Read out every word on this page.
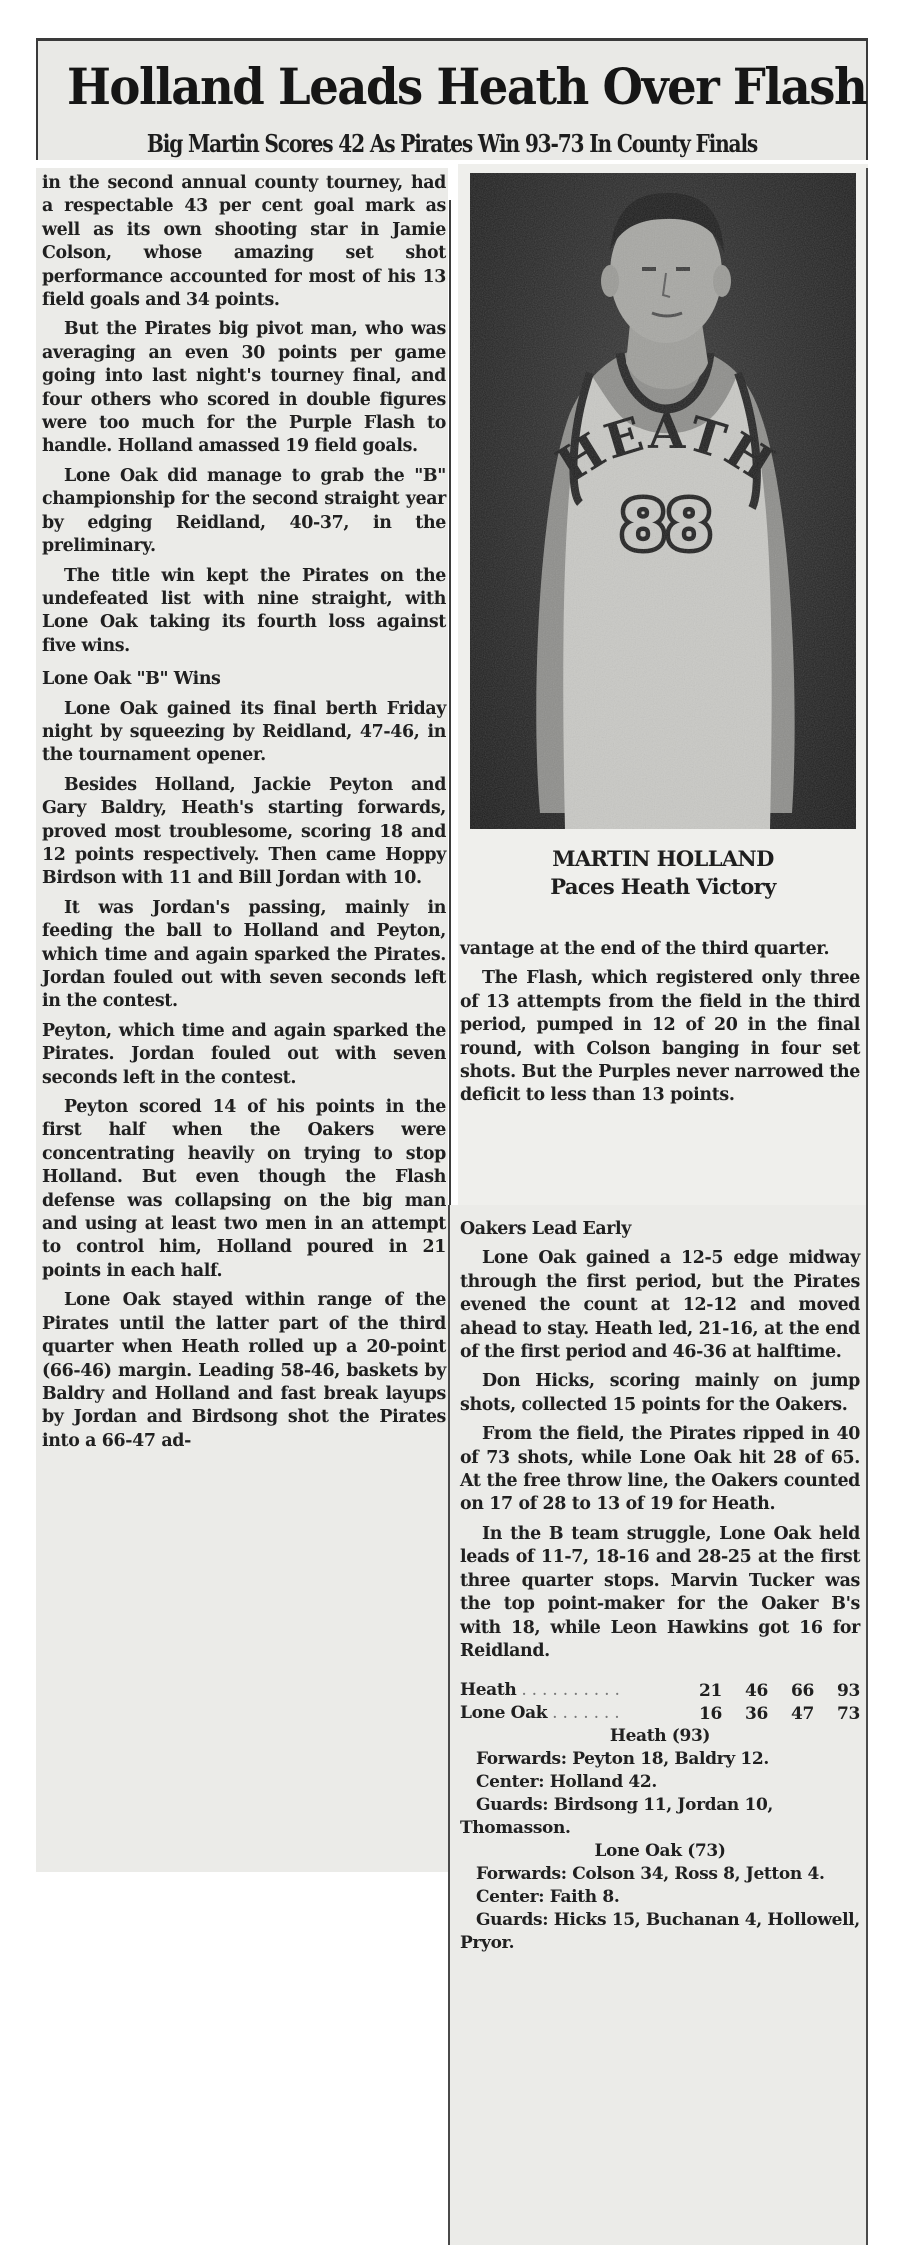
Holland Leads Heath Over Flash
Big Martin Scores 42 As Pirates Win 93-73 In County Finals

in the second annual county tourney, had a respectable 43 per cent goal mark as well as its own shooting star in Jamie Colson, whose amazing set shot performance accounted for most of his 13 field goals and 34 points.

But the Pirates big pivot man, who was averaging an even 30 points per game going into last night's tourney final, and four others who scored in double figures were too much for the Purple Flash to handle. Holland amassed 19 field goals.

Lone Oak did manage to grab the "B" championship for the second straight year by edging Reidland, 40-37, in the preliminary.

The title win kept the Pirates on the undefeated list with nine straight, with Lone Oak taking its fourth loss against five wins.

Lone Oak "B" Wins

Lone Oak gained its final berth Friday night by squeezing by Reidland, 47-46, in the tournament opener.

Besides Holland, Jackie Peyton and Gary Baldry, Heath's starting forwards, proved most troublesome, scoring 18 and 12 points respectively. Then came Hoppy Birdson with 11 and Bill Jordan with 10.

It was Jordan's passing, mainly in feeding the ball to Holland and Peyton, which time and again sparked the Pirates. Jordan fouled out with seven seconds left in the contest.

Peyton, which time and again sparked the Pirates. Jordan fouled out with seven seconds left in the contest.

Peyton scored 14 of his points in the first half when the Oakers were concentrating heavily on trying to stop Holland. But even though the Flash defense was collapsing on the big man and using at least two men in an attempt to control him, Holland poured in 21 points in each half.

Lone Oak stayed within range of the Pirates until the latter part of the third quarter when Heath rolled up a 20-point (66-46) margin. Leading 58-46, baskets by Baldry and Holland and fast break layups by Jordan and Birdsong shot the Pirates into a 66-47 ad-

MARTIN HOLLAND
Paces Heath Victory

vantage at the end of the third quarter.

The Flash, which registered only three of 13 attempts from the field in the third period, pumped in 12 of 20 in the final round, with Colson banging in four set shots. But the Purples never narrowed the deficit to less than 13 points.

Oakers Lead Early

Lone Oak gained a 12-5 edge midway through the first period, but the Pirates evened the count at 12-12 and moved ahead to stay. Heath led, 21-16, at the end of the first period and 46-36 at halftime.

Don Hicks, scoring mainly on jump shots, collected 15 points for the Oakers.

From the field, the Pirates ripped in 40 of 73 shots, while Lone Oak hit 28 of 65. At the free throw line, the Oakers counted on 17 of 28 to 13 of 19 for Heath.

In the B team struggle, Lone Oak held leads of 11-7, 18-16 and 28-25 at the first three quarter stops. Marvin Tucker was the top point-maker for the Oaker B's with 18, while Leon Hawkins got 16 for Reidland.

Heath . . . . . . . . . .	21	46	66	93
Lone Oak . . . . . . .	16	36	47	73
Heath (93)
Forwards: Peyton 18, Baldry 12.
Center: Holland 42.
Guards: Birdsong 11, Jordan 10, Thomasson.
Lone Oak (73)
Forwards: Colson 34, Ross 8, Jetton 4.
Center: Faith 8.
Guards: Hicks 15, Buchanan 4, Hollowell, Pryor.
